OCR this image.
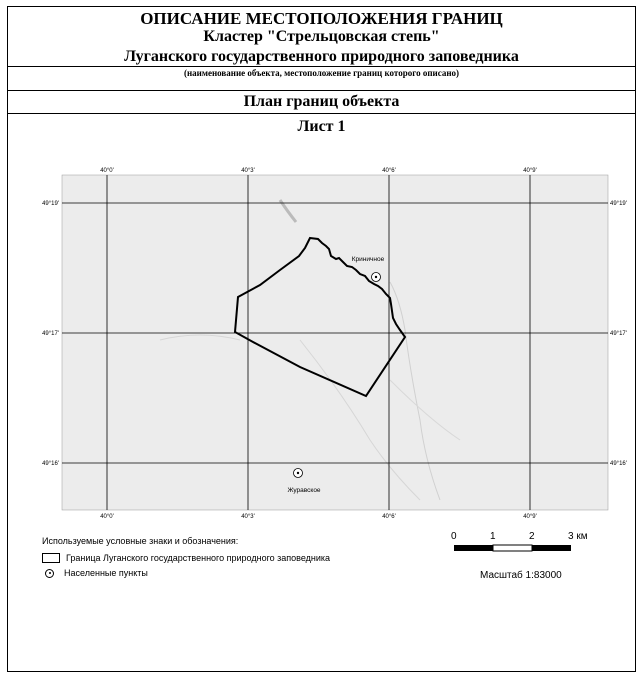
ОПИСАНИЕ МЕСТОПОЛОЖЕНИЯ ГРАНИЦ
Кластер "Стрельцовская степь"
Луганского государственного природного заповедника
(наименование объекта, местоположение границ которого описано)
План границ объекта
Лист 1
40°0'	40°3'	40°6'	40°9'
40°0'	40°3'	40°6'	40°9'
49°19'
49°17'
49°16'
49°19'
49°17'
49°16'
Криничное
Журавское
0	1	2	3 км
Масштаб 1:83000
Используемые условные знаки и обозначения:
Граница Луганского государственного природного заповедника
Населенные пункты
